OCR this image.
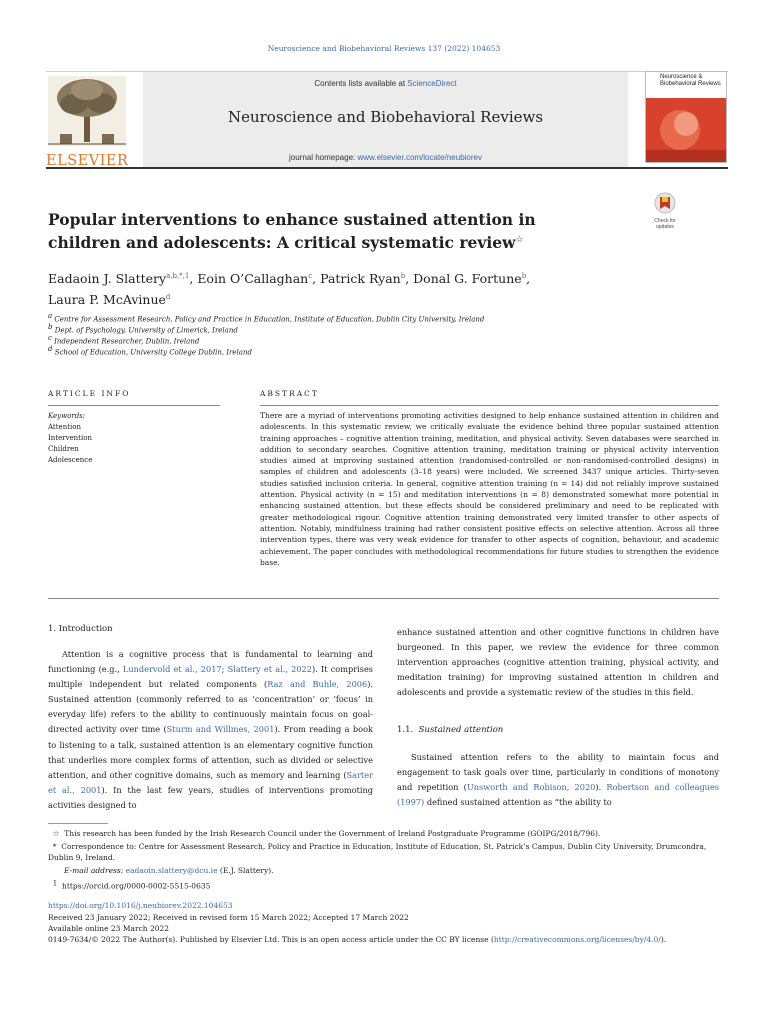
Neuroscience and Biobehavioral Reviews 137 (2022) 104653
Contents lists available at ScienceDirect
Neuroscience and Biobehavioral Reviews
journal homepage: www.elsevier.com/locate/neubiorev
ELSEVIER
Neuroscience & Biobehavioral Reviews
Check for updates
Popular interventions to enhance sustained attention in children and adolescents: A critical systematic review☆
Eadaoin J. Slattery$^{a,b,*,1}$, Eoin O’Callaghan$^c$, Patrick Ryan$^b$, Donal G. Fortune$^b$,
Laura P. McAvinue$^d$
$^a$ Centre for Assessment Research, Policy and Practice in Education, Institute of Education, Dublin City University, Ireland
$^b$ Dept. of Psychology, University of Limerick, Ireland
$^c$ Independent Researcher, Dublin, Ireland
$^d$ School of Education, University College Dublin, Ireland
ARTICLE INFO	ABSTRACT
Keywords:
Attention
Intervention
Children
Adolescence
There are a myriad of interventions promoting activities designed to help enhance sustained attention in children and adolescents. In this systematic review, we critically evaluate the evidence behind three popular sustained attention training approaches – cognitive attention training, meditation, and physical activity. Seven databases were searched in addition to secondary searches. Cognitive attention training, meditation training or physical activity intervention studies aimed at improving sustained attention (randomised-controlled or non-randomised-controlled designs) in samples of children and adolescents (3–18 years) were included. We screened 3437 unique articles. Thirty-seven studies satisfied inclusion criteria. In general, cognitive attention training (n = 14) did not reliably improve sustained attention. Physical activity (n = 15) and meditation interventions (n = 8) demonstrated somewhat more potential in enhancing sustained attention, but these effects should be considered preliminary and need to be replicated with greater methodological rigour. Cognitive attention training demonstrated very limited transfer to other aspects of attention. Notably, mindfulness training had rather consistent positive effects on selective attention. Across all three intervention types, there was very weak evidence for transfer to other aspects of cognition, behaviour, and academic achievement. The paper concludes with methodological recommendations for future studies to strengthen the evidence base.
1. Introduction

Attention is a cognitive process that is fundamental to learning and functioning (e.g., Lundervold et al., 2017; Slattery et al., 2022). It comprises multiple independent but related components (Raz and Buhle, 2006). Sustained attention (commonly referred to as ‘concentration’ or ‘focus’ in everyday life) refers to the ability to continuously maintain focus on goal-directed activity over time (Sturm and Willmes, 2001). From reading a book to listening to a talk, sustained attention is an elementary cognitive function that underlies more complex forms of attention, such as divided or selective attention, and other cognitive domains, such as memory and learning (Sarter et al., 2001). In the last few years, studies of interventions promoting activities designed to

enhance sustained attention and other cognitive functions in children have burgeoned. In this paper, we review the evidence for three common intervention approaches (cognitive attention training, physical activity, and meditation training) for improving sustained attention in children and adolescents and provide a systematic review of the studies in this field.

1.1. Sustained attention

Sustained attention refers to the ability to maintain focus and engagement to task goals over time, particularly in conditions of monotony and repetition (Unsworth and Robison, 2020). Robertson and colleagues (1997) defined sustained attention as “the ability to

☆  This research has been funded by the Irish Research Council under the Government of Ireland Postgraduate Programme (GOIPG/2018/796).
*  Correspondence to: Centre for Assessment Research, Policy and Practice in Education, Institute of Education, St. Patrick’s Campus, Dublin City University, Drumcondra, Dublin 9, Ireland.
E-mail address: eadaoin.slattery@dcu.ie (E.J. Slattery).
$^1$ https://orcid.org/0000-0002-5515-0635
https://doi.org/10.1016/j.neubiorev.2022.104653
Received 23 January 2022; Received in revised form 15 March 2022; Accepted 17 March 2022
Available online 23 March 2022
0149-7634/© 2022 The Author(s). Published by Elsevier Ltd. This is an open access article under the CC BY license (http://creativecommons.org/licenses/by/4.0/).
